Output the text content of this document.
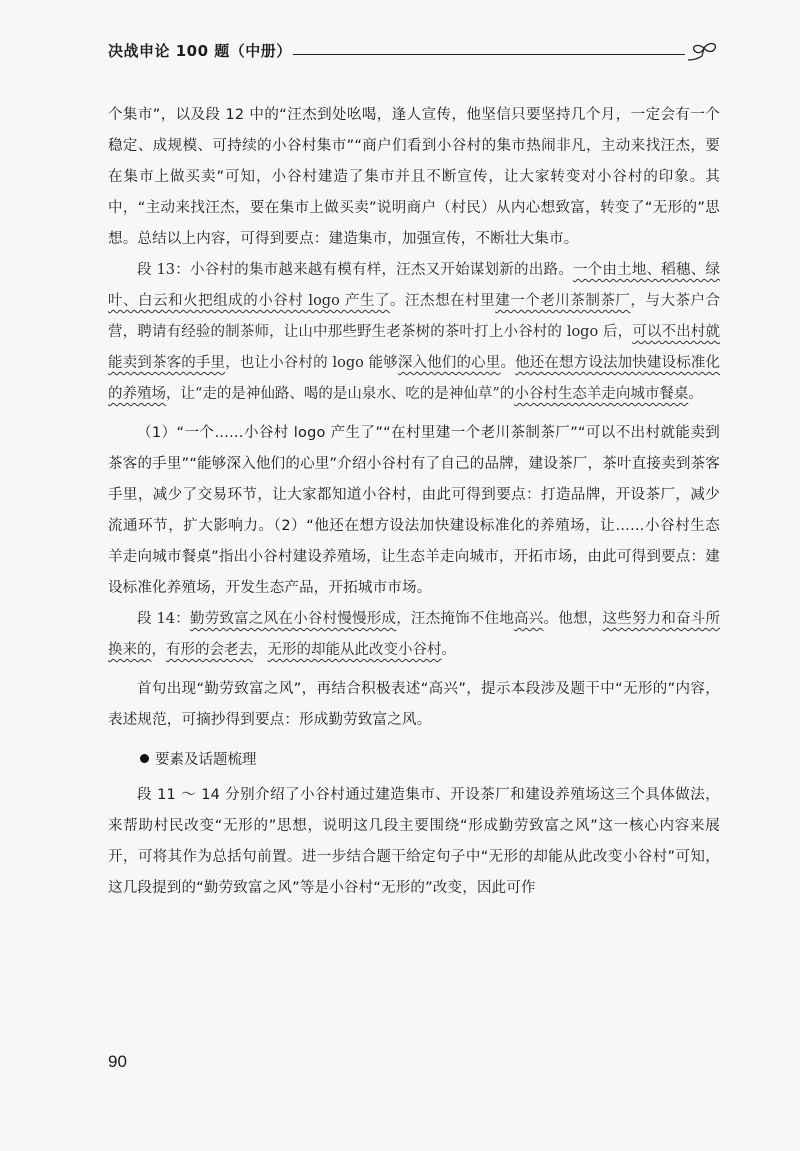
决战申论 100 题（中册）

个集市”，以及段 12 中的“汪杰到处吆喝，逢人宣传，他坚信只要坚持几个月，一定会有一个稳定、成规模、可持续的小谷村集市”“商户们看到小谷村的集市热闹非凡，主动来找汪杰，要在集市上做买卖”可知，小谷村建造了集市并且不断宣传，让大家转变对小谷村的印象。其中，“主动来找汪杰，要在集市上做买卖”说明商户（村民）从内心想致富，转变了“无形的”思想。总结以上内容，可得到要点：建造集市，加强宣传，不断壮大集市。

段 13：小谷村的集市越来越有模有样，汪杰又开始谋划新的出路。一个由土地、稻穗、绿叶、白云和火把组成的小谷村 logo 产生了。汪杰想在村里建一个老川茶制茶厂，与大茶户合营，聘请有经验的制茶师，让山中那些野生老茶树的茶叶打上小谷村的 logo 后，可以不出村就能卖到茶客的手里，也让小谷村的 logo 能够深入他们的心里。他还在想方设法加快建设标准化的养殖场，让“走的是神仙路、喝的是山泉水、吃的是神仙草”的小谷村生态羊走向城市餐桌。

（1）“一个……小谷村 logo 产生了”“在村里建一个老川茶制茶厂”“可以不出村就能卖到茶客的手里”“能够深入他们的心里”介绍小谷村有了自己的品牌，建设茶厂，茶叶直接卖到茶客手里，减少了交易环节，让大家都知道小谷村，由此可得到要点：打造品牌，开设茶厂，减少流通环节，扩大影响力。（2）“他还在想方设法加快建设标准化的养殖场，让……小谷村生态羊走向城市餐桌”指出小谷村建设养殖场，让生态羊走向城市，开拓市场，由此可得到要点：建设标准化养殖场，开发生态产品，开拓城市市场。

段 14：勤劳致富之风在小谷村慢慢形成，汪杰掩饰不住地高兴。他想，这些努力和奋斗所换来的，有形的会老去，无形的却能从此改变小谷村。

首句出现“勤劳致富之风”，再结合积极表述“高兴”，提示本段涉及题干中“无形的”内容，表述规范，可摘抄得到要点：形成勤劳致富之风。

要素及话题梳理

段 11 ～ 14 分别介绍了小谷村通过建造集市、开设茶厂和建设养殖场这三个具体做法，来帮助村民改变“无形的”思想，说明这几段主要围绕“形成勤劳致富之风”这一核心内容来展开，可将其作为总括句前置。进一步结合题干给定句子中“无形的却能从此改变小谷村”可知，这几段提到的“勤劳致富之风”等是小谷村“无形的”改变，因此可作

90
